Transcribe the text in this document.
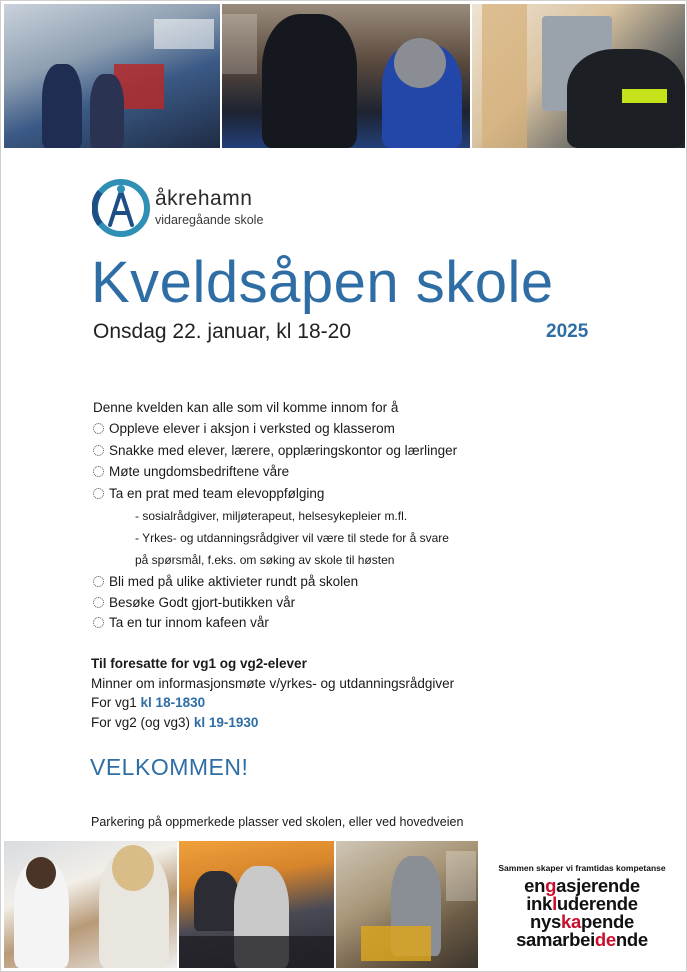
åkrehamn
vidaregåande skole
Kveldsåpen skole
Onsdag 22. januar, kl 18-20	2025
Denne kvelden kan alle som vil komme innom for å
Oppleve elever i aksjon i verksted og klasserom
Snakke med elever, lærere, opplæringskontor og lærlinger
Møte ungdomsbedriftene våre
Ta en prat med team elevoppfølging
- sosialrådgiver, miljøterapeut, helsesykepleier m.fl.
- Yrkes- og utdanningsrådgiver vil være til stede for å svare
på spørsmål, f.eks. om søking av skole til høsten
Bli med på ulike aktivieter rundt på skolen
Besøke Godt gjort-butikken vår
Ta en tur innom kafeen vår
Til foresatte for vg1 og vg2-elever
Minner om informasjonsmøte v/yrkes- og utdanningsrådgiver
For vg1 kl 18-1830
For vg2 (og vg3) kl 19-1930
VELKOMMEN!
Parkering på oppmerkede plasser ved skolen, eller ved hovedveien
Sammen skaper vi framtidas kompetanse
engasjerende
inkluderende
nyskapende
samarbeidende
